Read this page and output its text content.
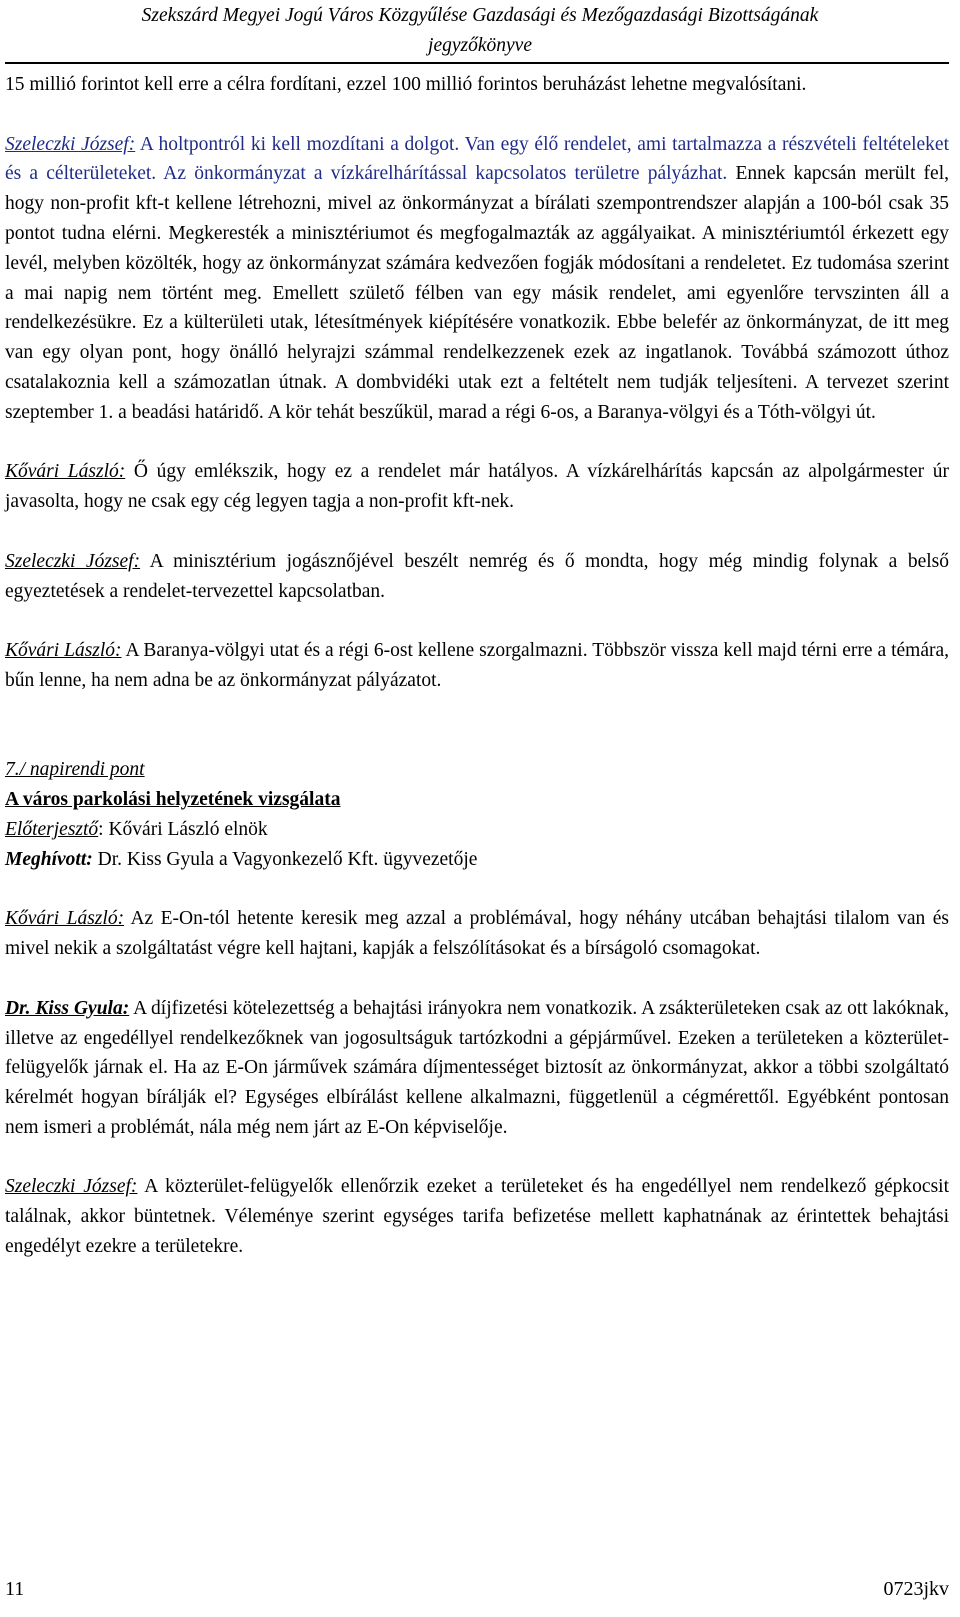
Szekszárd Megyei Jogú Város Közgyűlése Gazdasági és Mezőgazdasági Bizottságának
jegyzőkönyve

15 millió forintot kell erre a célra fordítani, ezzel 100 millió forintos beruházást lehetne megvalósítani.

Szeleczki József: A holtpontról ki kell mozdítani a dolgot. Van egy élő rendelet, ami tartalmazza a részvételi feltételeket és a célterületeket. Az önkormányzat a vízkárelhárítással kapcsolatos területre pályázhat. Ennek kapcsán merült fel, hogy non-profit kft-t kellene létrehozni, mivel az önkormányzat a bírálati szempontrendszer alapján a 100-ból csak 35 pontot tudna elérni. Megkeresték a minisztériumot és megfogalmazták az aggályaikat. A minisztériumtól érkezett egy levél, melyben közölték, hogy az önkormányzat számára kedvezően fogják módosítani a rendeletet. Ez tudomása szerint a mai napig nem történt meg. Emellett születő félben van egy másik rendelet, ami egyenlőre tervszinten áll a rendelkezésükre. Ez a külterületi utak, létesítmények kiépítésére vonatkozik. Ebbe belefér az önkormányzat, de itt meg van egy olyan pont, hogy önálló helyrajzi számmal rendelkezzenek ezek az ingatlanok. Továbbá számozott úthoz csatalakoznia kell a számozatlan útnak. A dombvidéki utak ezt a feltételt nem tudják teljesíteni. A tervezet szerint szeptember 1. a beadási határidő. A kör tehát beszűkül, marad a régi 6-os, a Baranya-völgyi és a Tóth-völgyi út.

Kővári László: Ő úgy emlékszik, hogy ez a rendelet már hatályos. A vízkárelhárítás kapcsán az alpolgármester úr javasolta, hogy ne csak egy cég legyen tagja a non-profit kft-nek.

Szeleczki József: A minisztérium jogásznőjével beszélt nemrég és ő mondta, hogy még mindig folynak a belső egyeztetések a rendelet-tervezettel kapcsolatban.

Kővári László: A Baranya-völgyi utat és a régi 6-ost kellene szorgalmazni. Többször vissza kell majd térni erre a témára, bűn lenne, ha nem adna be az önkormányzat pályázatot.

7./ napirendi pont

A város parkolási helyzetének vizsgálata

Előterjesztő: Kővári László elnök

Meghívott: Dr. Kiss Gyula a Vagyonkezelő Kft. ügyvezetője

Kővári László: Az E-On-tól hetente keresik meg azzal a problémával, hogy néhány utcában behajtási tilalom van és mivel nekik a szolgáltatást végre kell hajtani, kapják a felszólításokat és a bírságoló csomagokat.

Dr. Kiss Gyula: A díjfizetési kötelezettség a behajtási irányokra nem vonatkozik. A zsákterületeken csak az ott lakóknak, illetve az engedéllyel rendelkezőknek van jogosultságuk tartózkodni a gépjárművel. Ezeken a területeken a közterület-felügyelők járnak el. Ha az E-On járművek számára díjmentességet biztosít az önkormányzat, akkor a többi szolgáltató kérelmét hogyan bírálják el? Egységes elbírálást kellene alkalmazni, függetlenül a cégmérettől. Egyébként pontosan nem ismeri a problémát, nála még nem járt az E-On képviselője.

Szeleczki József: A közterület-felügyelők ellenőrzik ezeket a területeket és ha engedéllyel nem rendelkező gépkocsit találnak, akkor büntetnek. Véleménye szerint egységes tarifa befizetése mellett kaphatnának az érintettek behajtási engedélyt ezekre a területekre.

11	0723jkv
